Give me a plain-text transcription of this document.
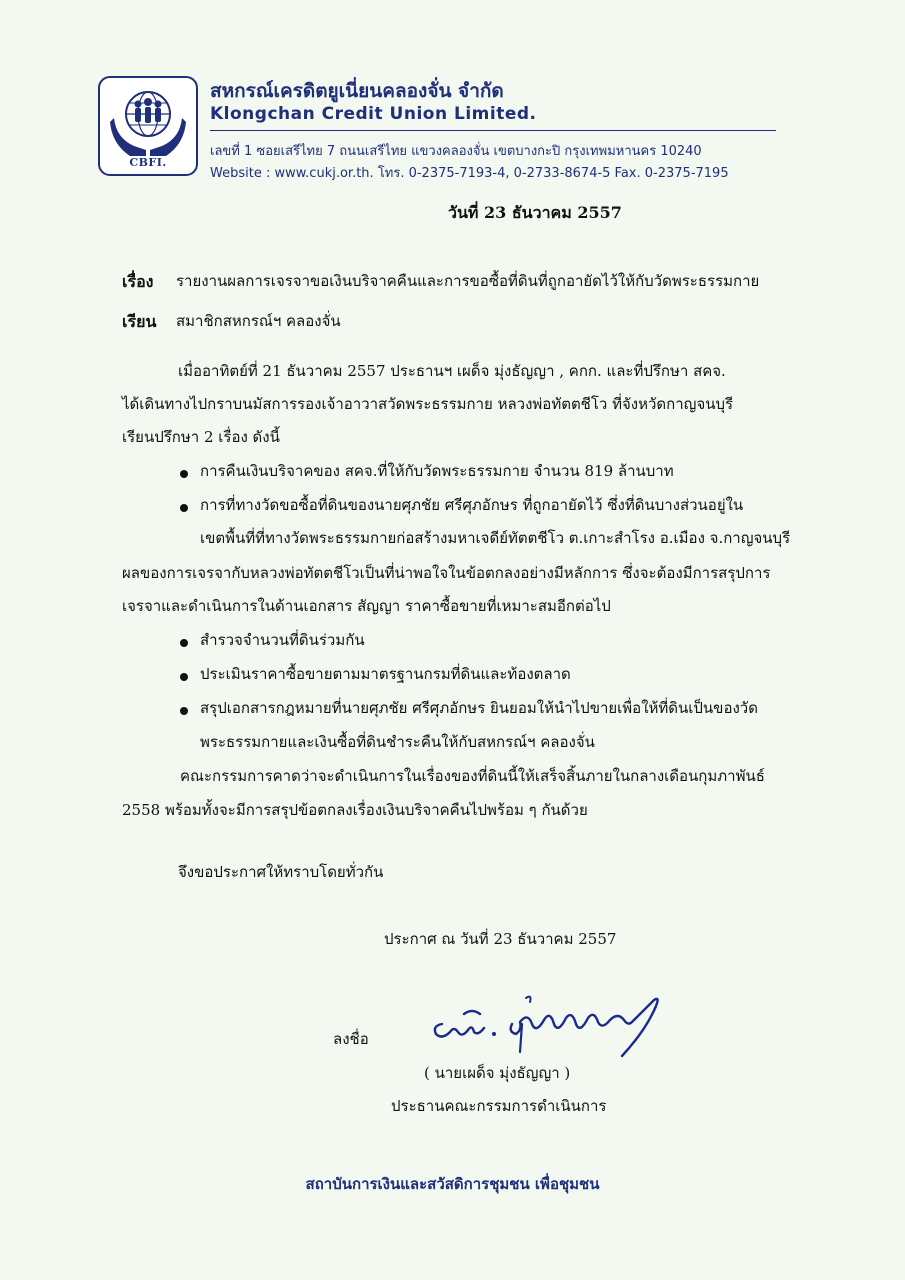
CBFI.
สหกรณ์เครดิตยูเนี่ยนคลองจั่น จำกัด
Klongchan Credit Union Limited.
เลขที่ 1 ซอยเสรีไทย 7 ถนนเสรีไทย แขวงคลองจั่น เขตบางกะปิ กรุงเทพมหานคร 10240
Website : www.cukj.or.th. โทร. 0-2375-7193-4, 0-2733-8674-5 Fax. 0-2375-7195
วันที่ 23 ธันวาคม 2557
เรื่อง รายงานผลการเจรจาขอเงินบริจาคคืนและการขอซื้อที่ดินที่ถูกอายัดไว้ให้กับวัดพระธรรมกาย
เรียน สมาชิกสหกรณ์ฯ คลองจั่น
เมื่ออาทิตย์ที่ 21 ธันวาคม 2557 ประธานฯ เผด็จ มุ่งธัญญา , คกก. และที่ปรึกษา สคจ.
ได้เดินทางไปกราบนมัสการรองเจ้าอาวาสวัดพระธรรมกาย หลวงพ่อทัตตชีโว ที่จังหวัดกาญจนบุรี
เรียนปรึกษา 2 เรื่อง ดังนี้
การคืนเงินบริจาคของ สคจ.ที่ให้กับวัดพระธรรมกาย จำนวน 819 ล้านบาท
การที่ทางวัดขอซื้อที่ดินของนายศุภชัย ศรีศุภอักษร ที่ถูกอายัดไว้ ซึ่งที่ดินบางส่วนอยู่ใน
เขตพื้นที่ที่ทางวัดพระธรรมกายก่อสร้างมหาเจดีย์ทัตตชีโว ต.เกาะสำโรง อ.เมือง จ.กาญจนบุรี
ผลของการเจรจากับหลวงพ่อทัตตชีโวเป็นที่น่าพอใจในข้อตกลงอย่างมีหลักการ ซึ่งจะต้องมีการสรุปการ
เจรจาและดำเนินการในด้านเอกสาร สัญญา ราคาซื้อขายที่เหมาะสมอีกต่อไป
สำรวจจำนวนที่ดินร่วมกัน
ประเมินราคาซื้อขายตามมาตรฐานกรมที่ดินและท้องตลาด
สรุปเอกสารกฎหมายที่นายศุภชัย ศรีศุภอักษร ยินยอมให้นำไปขายเพื่อให้ที่ดินเป็นของวัด
พระธรรมกายและเงินซื้อที่ดินชำระคืนให้กับสหกรณ์ฯ คลองจั่น
คณะกรรมการคาดว่าจะดำเนินการในเรื่องของที่ดินนี้ให้เสร็จสิ้นภายในกลางเดือนกุมภาพันธ์
2558 พร้อมทั้งจะมีการสรุปข้อตกลงเรื่องเงินบริจาคคืนไปพร้อม ๆ กันด้วย
จึงขอประกาศให้ทราบโดยทั่วกัน
ประกาศ ณ วันที่ 23 ธันวาคม 2557
ลงชื่อ
( นายเผด็จ มุ่งธัญญา )
ประธานคณะกรรมการดำเนินการ
สถาบันการเงินและสวัสดิการชุมชน เพื่อชุมชน
